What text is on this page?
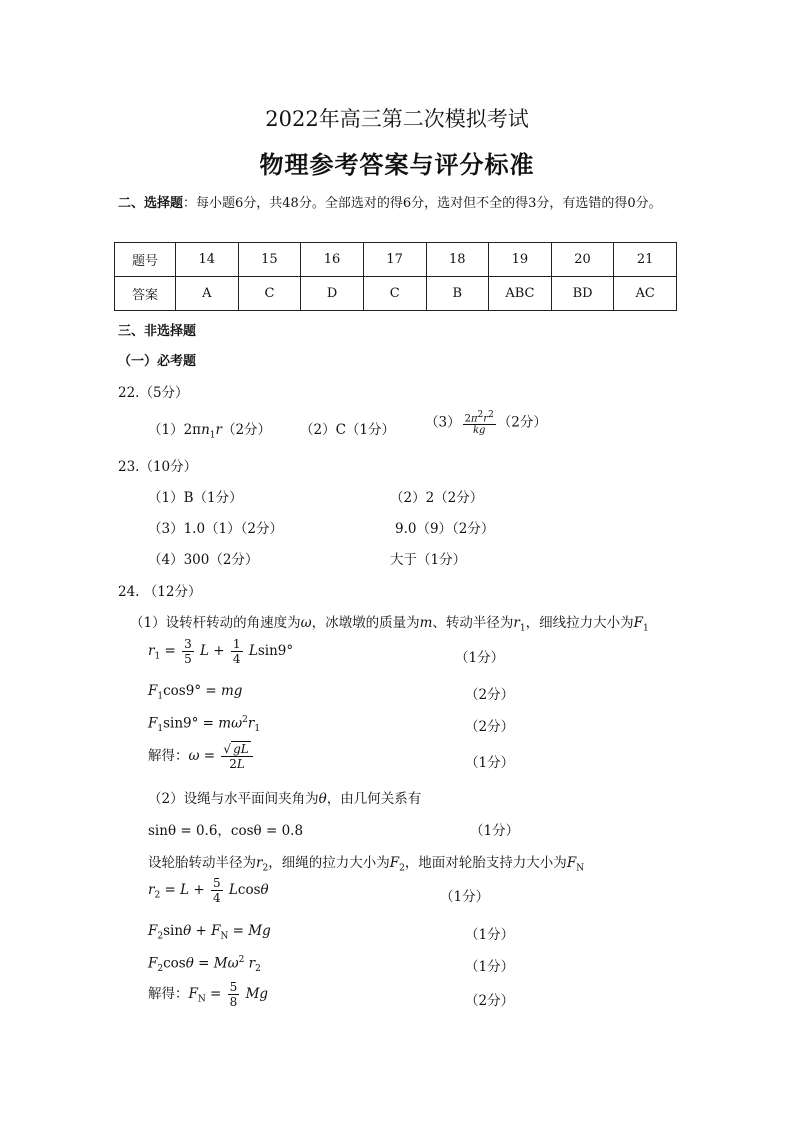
2022年高三第二次模拟考试
物理参考答案与评分标准
二、选择题：每小题6分，共48分。全部选对的得6分，选对但不全的得3分，有选错的得0分。
题号	14	15	16	17	18	19	20	21
答案	A	C	D	C	B	ABC	BD	AC
三、非选择题
（一）必考题
22.（5分）
$(1)2\pi n_1r(2$分） （2）C（1分） $(3) \frac{2\pi^2r^2}{kg} (2$分）
23.（10分）
（1）B（1分）	（2）2（2分）
（3）1.0（1）（2分）	9.0（9）（2分）
（4）300（2分）	大于（1分）
24. （12分）
（1）设转杆转动的角速度为ω，冰墩墩的质量为m、转动半径为$r_1$，细线拉力大小为$F_1$
$r_1 = \frac{3}{5}$ $L + \frac{1}{4} Lsin9^\circ$	（1分）
$F_1\cos 9^\circ$ = mg	（2分）
$F_1\sin 9^\circ = m\omega^2r_1$	（2分）
解得：$\omega = \frac{√ gL}{2L}$	（1分）
（2）设绳与水平面间夹角为θ，由几何关系有
sinθ = 0.6，cosθ = 0.8	（1分）
设轮胎转动半径为$r_2$，细绳的拉力大小为$F_2$，地面对轮胎支持力大小为$F_N$
$r_2 = L + \frac{5}{4}$ Lcosθ	（1分）
$F_2\sin\theta + F_N = Mg$	（1分）
$F_2\cos\theta = M\omega^2$ $r_2$	（1分）
解得：$F_N = \frac{5}{8}$ Mg	（2分）
